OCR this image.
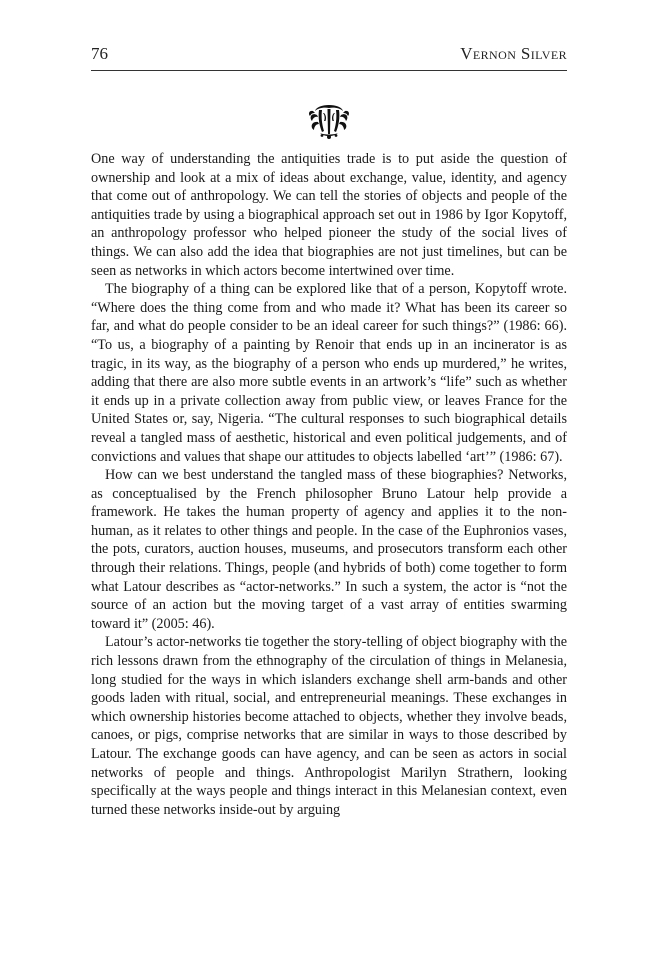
76	Vernon Silver

One way of understanding the antiquities trade is to put aside the question of ownership and look at a mix of ideas about exchange, value, identity, and agency that come out of anthropology. We can tell the stories of objects and people of the antiquities trade by using a biographical approach set out in 1986 by Igor Kopytoff, an anthropology professor who helped pioneer the study of the social lives of things. We can also add the idea that biographies are not just timelines, but can be seen as networks in which actors become intertwined over time.

The biography of a thing can be explored like that of a person, Kopytoff wrote. “Where does the thing come from and who made it? What has been its career so far, and what do people consider to be an ideal career for such things?” (1986: 66). “To us, a biography of a painting by Renoir that ends up in an incinerator is as tragic, in its way, as the biography of a person who ends up murdered,” he writes, adding that there are also more subtle events in an artwork’s “life” such as whether it ends up in a private collection away from public view, or leaves France for the United States or, say, Nigeria. “The cultural responses to such biographical details reveal a tangled mass of aesthetic, historical and even political judgements, and of convictions and values that shape our attitudes to objects labelled ‘art’” (1986: 67).

How can we best understand the tangled mass of these biographies? Networks, as conceptualised by the French philosopher Bruno Latour help provide a framework. He takes the human property of agency and applies it to the non-human, as it relates to other things and people. In the case of the Euphronios vases, the pots, curators, auction houses, museums, and prosecutors transform each other through their relations. Things, people (and hybrids of both) come together to form what Latour describes as “actor-networks.” In such a system, the actor is “not the source of an action but the moving target of a vast array of entities swarming toward it” (2005: 46).

Latour’s actor-networks tie together the story-telling of object biography with the rich lessons drawn from the ethnography of the circulation of things in Melanesia, long studied for the ways in which islanders exchange shell arm-bands and other goods laden with ritual, social, and entrepreneurial meanings. These exchanges in which ownership histories become attached to objects, whether they involve beads, canoes, or pigs, comprise networks that are similar in ways to those described by Latour. The exchange goods can have agency, and can be seen as actors in social networks of people and things. Anthropologist Marilyn Strathern, looking specifically at the ways people and things interact in this Melanesian context, even turned these networks inside-out by arguing
